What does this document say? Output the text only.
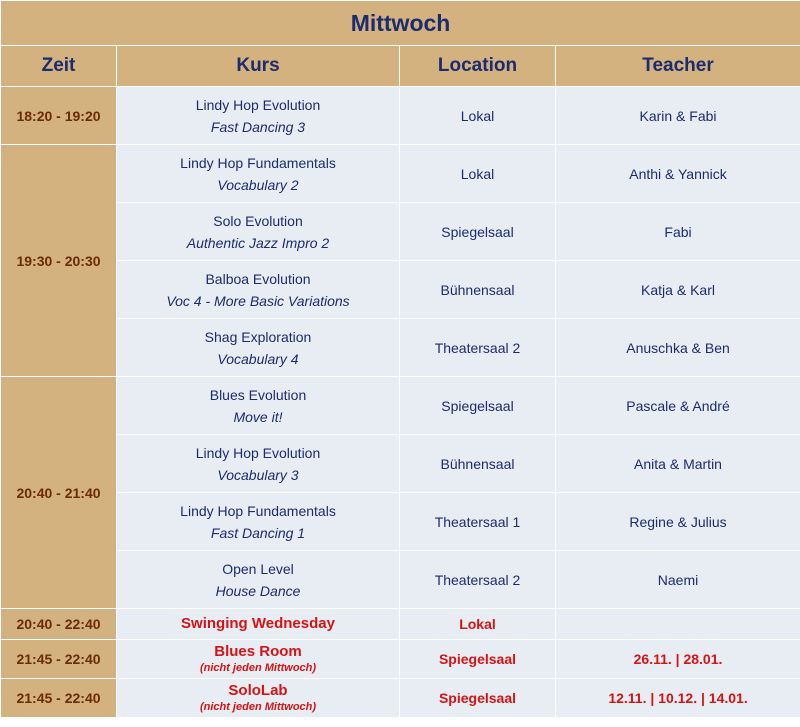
Mittwoch			
Zeit	Kurs	Location	Teacher
18:20 - 19:20	Lindy Hop Evolution
Fast Dancing 3	Lokal	Karin & Fabi
19:30 - 20:30	Lindy Hop Fundamentals
Vocabulary 2	Lokal	Anthi & Yannick

	Solo Evolution
Authentic Jazz Impro 2	Spiegelsaal	Fabi

	Balboa Evolution
Voc 4 - More Basic Variations	Bühnensaal	Katja & Karl

	Shag Exploration
Vocabulary 4	Theatersaal 2	Anuschka & Ben
20:40 - 21:40	Blues Evolution
Move it!	Spiegelsaal	Pascale & André

	Lindy Hop Evolution
Vocabulary 3	Bühnensaal	Anita & Martin

	Lindy Hop Fundamentals
Fast Dancing 1	Theatersaal 1	Regine & Julius

	Open Level
House Dance	Theatersaal 2	Naemi
20:40 - 22:40	Swinging Wednesday	Lokal	
21:45 - 22:40	Blues Room
(nicht jeden Mittwoch)	Spiegelsaal	26.11. | 28.01.
21:45 - 22:40	SoloLab
(nicht jeden Mittwoch)	Spiegelsaal	12.11. | 10.12. | 14.01.
